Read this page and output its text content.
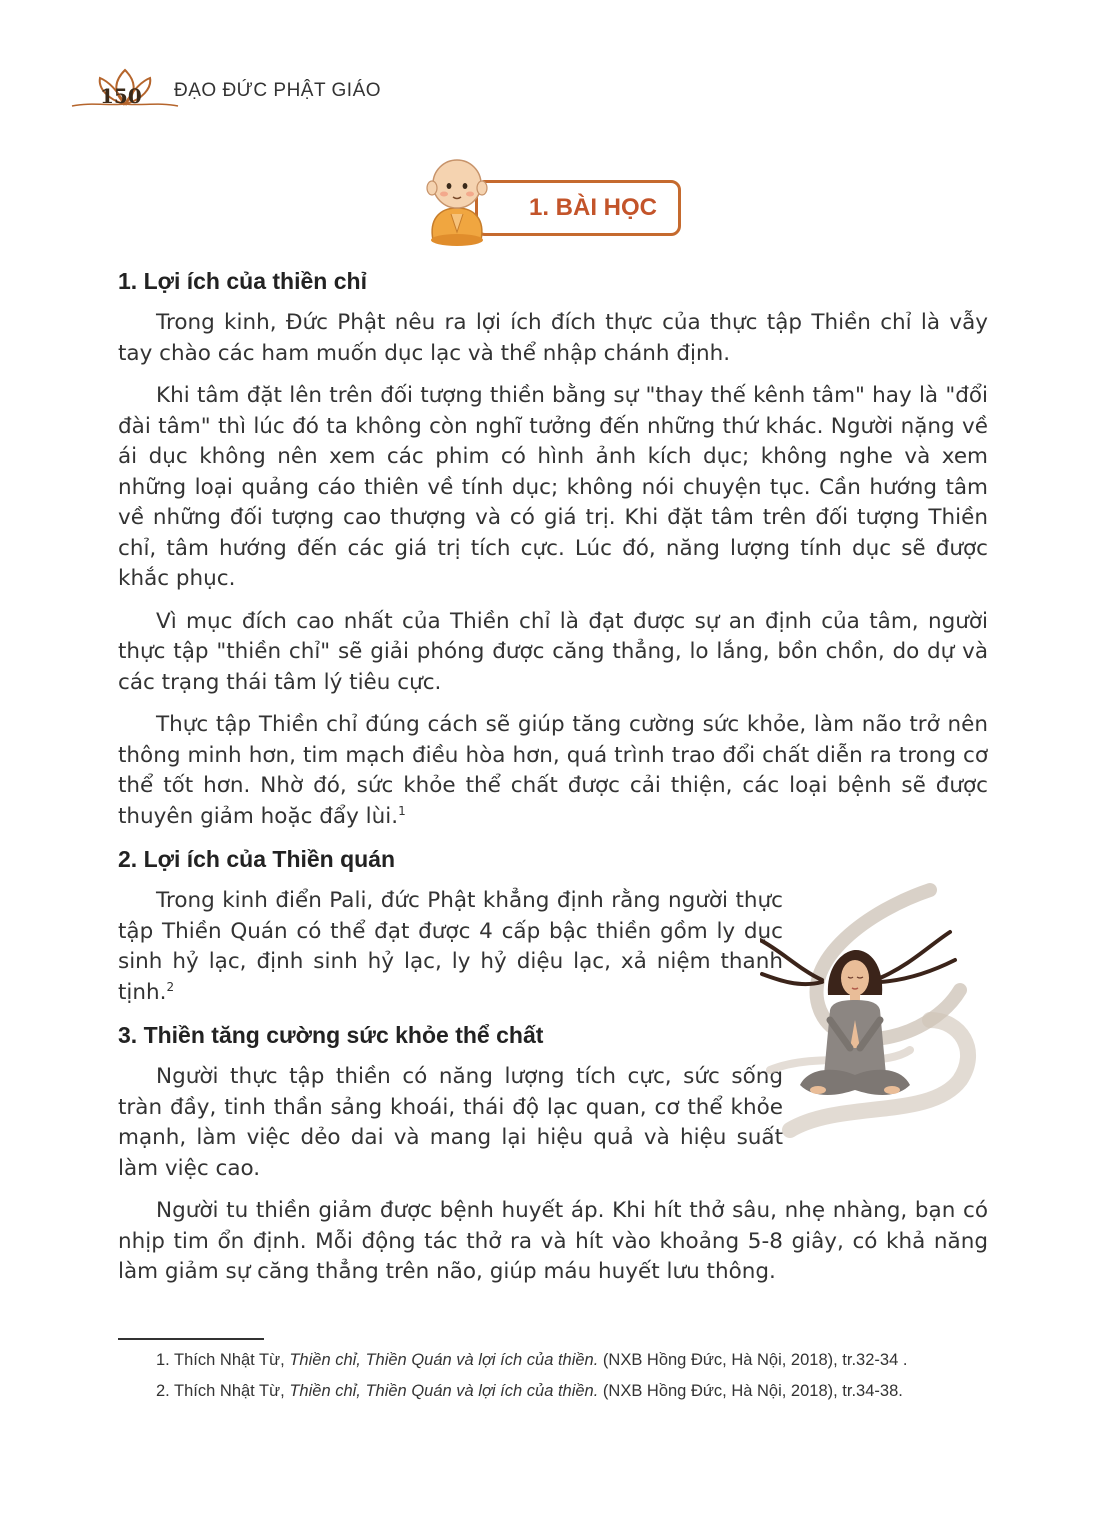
150 ĐẠO ĐỨC PHẬT GIÁO
1. BÀI HỌC
1. Lợi ích của thiền chỉ

Trong kinh, Đức Phật nêu ra lợi ích đích thực của thực tập Thiền chỉ là vẫy tay chào các ham muốn dục lạc và thể nhập chánh định.

Khi tâm đặt lên trên đối tượng thiền bằng sự "thay thế kênh tâm" hay là "đổi đài tâm" thì lúc đó ta không còn nghĩ tưởng đến những thứ khác. Người nặng về ái dục không nên xem các phim có hình ảnh kích dục; không nghe và xem những loại quảng cáo thiên về tính dục; không nói chuyện tục. Cần hướng tâm về những đối tượng cao thượng và có giá trị. Khi đặt tâm trên đối tượng Thiền chỉ, tâm hướng đến các giá trị tích cực. Lúc đó, năng lượng tính dục sẽ được khắc phục.

Vì mục đích cao nhất của Thiền chỉ là đạt được sự an định của tâm, người thực tập "thiền chỉ" sẽ giải phóng được căng thẳng, lo lắng, bồn chồn, do dự và các trạng thái tâm lý tiêu cực.

Thực tập Thiền chỉ đúng cách sẽ giúp tăng cường sức khỏe, làm não trở nên thông minh hơn, tim mạch điều hòa hơn, quá trình trao đổi chất diễn ra trong cơ thể tốt hơn. Nhờ đó, sức khỏe thể chất được cải thiện, các loại bệnh sẽ được thuyên giảm hoặc đẩy lùi.$^1$

2. Lợi ích của Thiền quán

Trong kinh điển Pali, đức Phật khẳng định rằng người thực tập Thiền Quán có thể đạt được 4 cấp bậc thiền gồm ly dục sinh hỷ lạc, định sinh hỷ lạc, ly hỷ diệu lạc, xả niệm thanh tịnh.$^2$

3. Thiền tăng cường sức khỏe thể chất

Người thực tập thiền có năng lượng tích cực, sức sống tràn đầy, tinh thần sảng khoái, thái độ lạc quan, cơ thể khỏe mạnh, làm việc dẻo dai và mang lại hiệu quả và hiệu suất làm việc cao.

Người tu thiền giảm được bệnh huyết áp. Khi hít thở sâu, nhẹ nhàng, bạn có nhịp tim ổn định. Mỗi động tác thở ra và hít vào khoảng 5-8 giây, có khả năng làm giảm sự căng thẳng trên não, giúp máu huyết lưu thông.

1. Thích Nhật Từ, Thiền chỉ, Thiền Quán và lợi ích của thiền. (NXB Hồng Đức, Hà Nội, 2018), tr.32-34 .

2. Thích Nhật Từ, Thiền chỉ, Thiền Quán và lợi ích của thiền. (NXB Hồng Đức, Hà Nội, 2018), tr.34-38.
